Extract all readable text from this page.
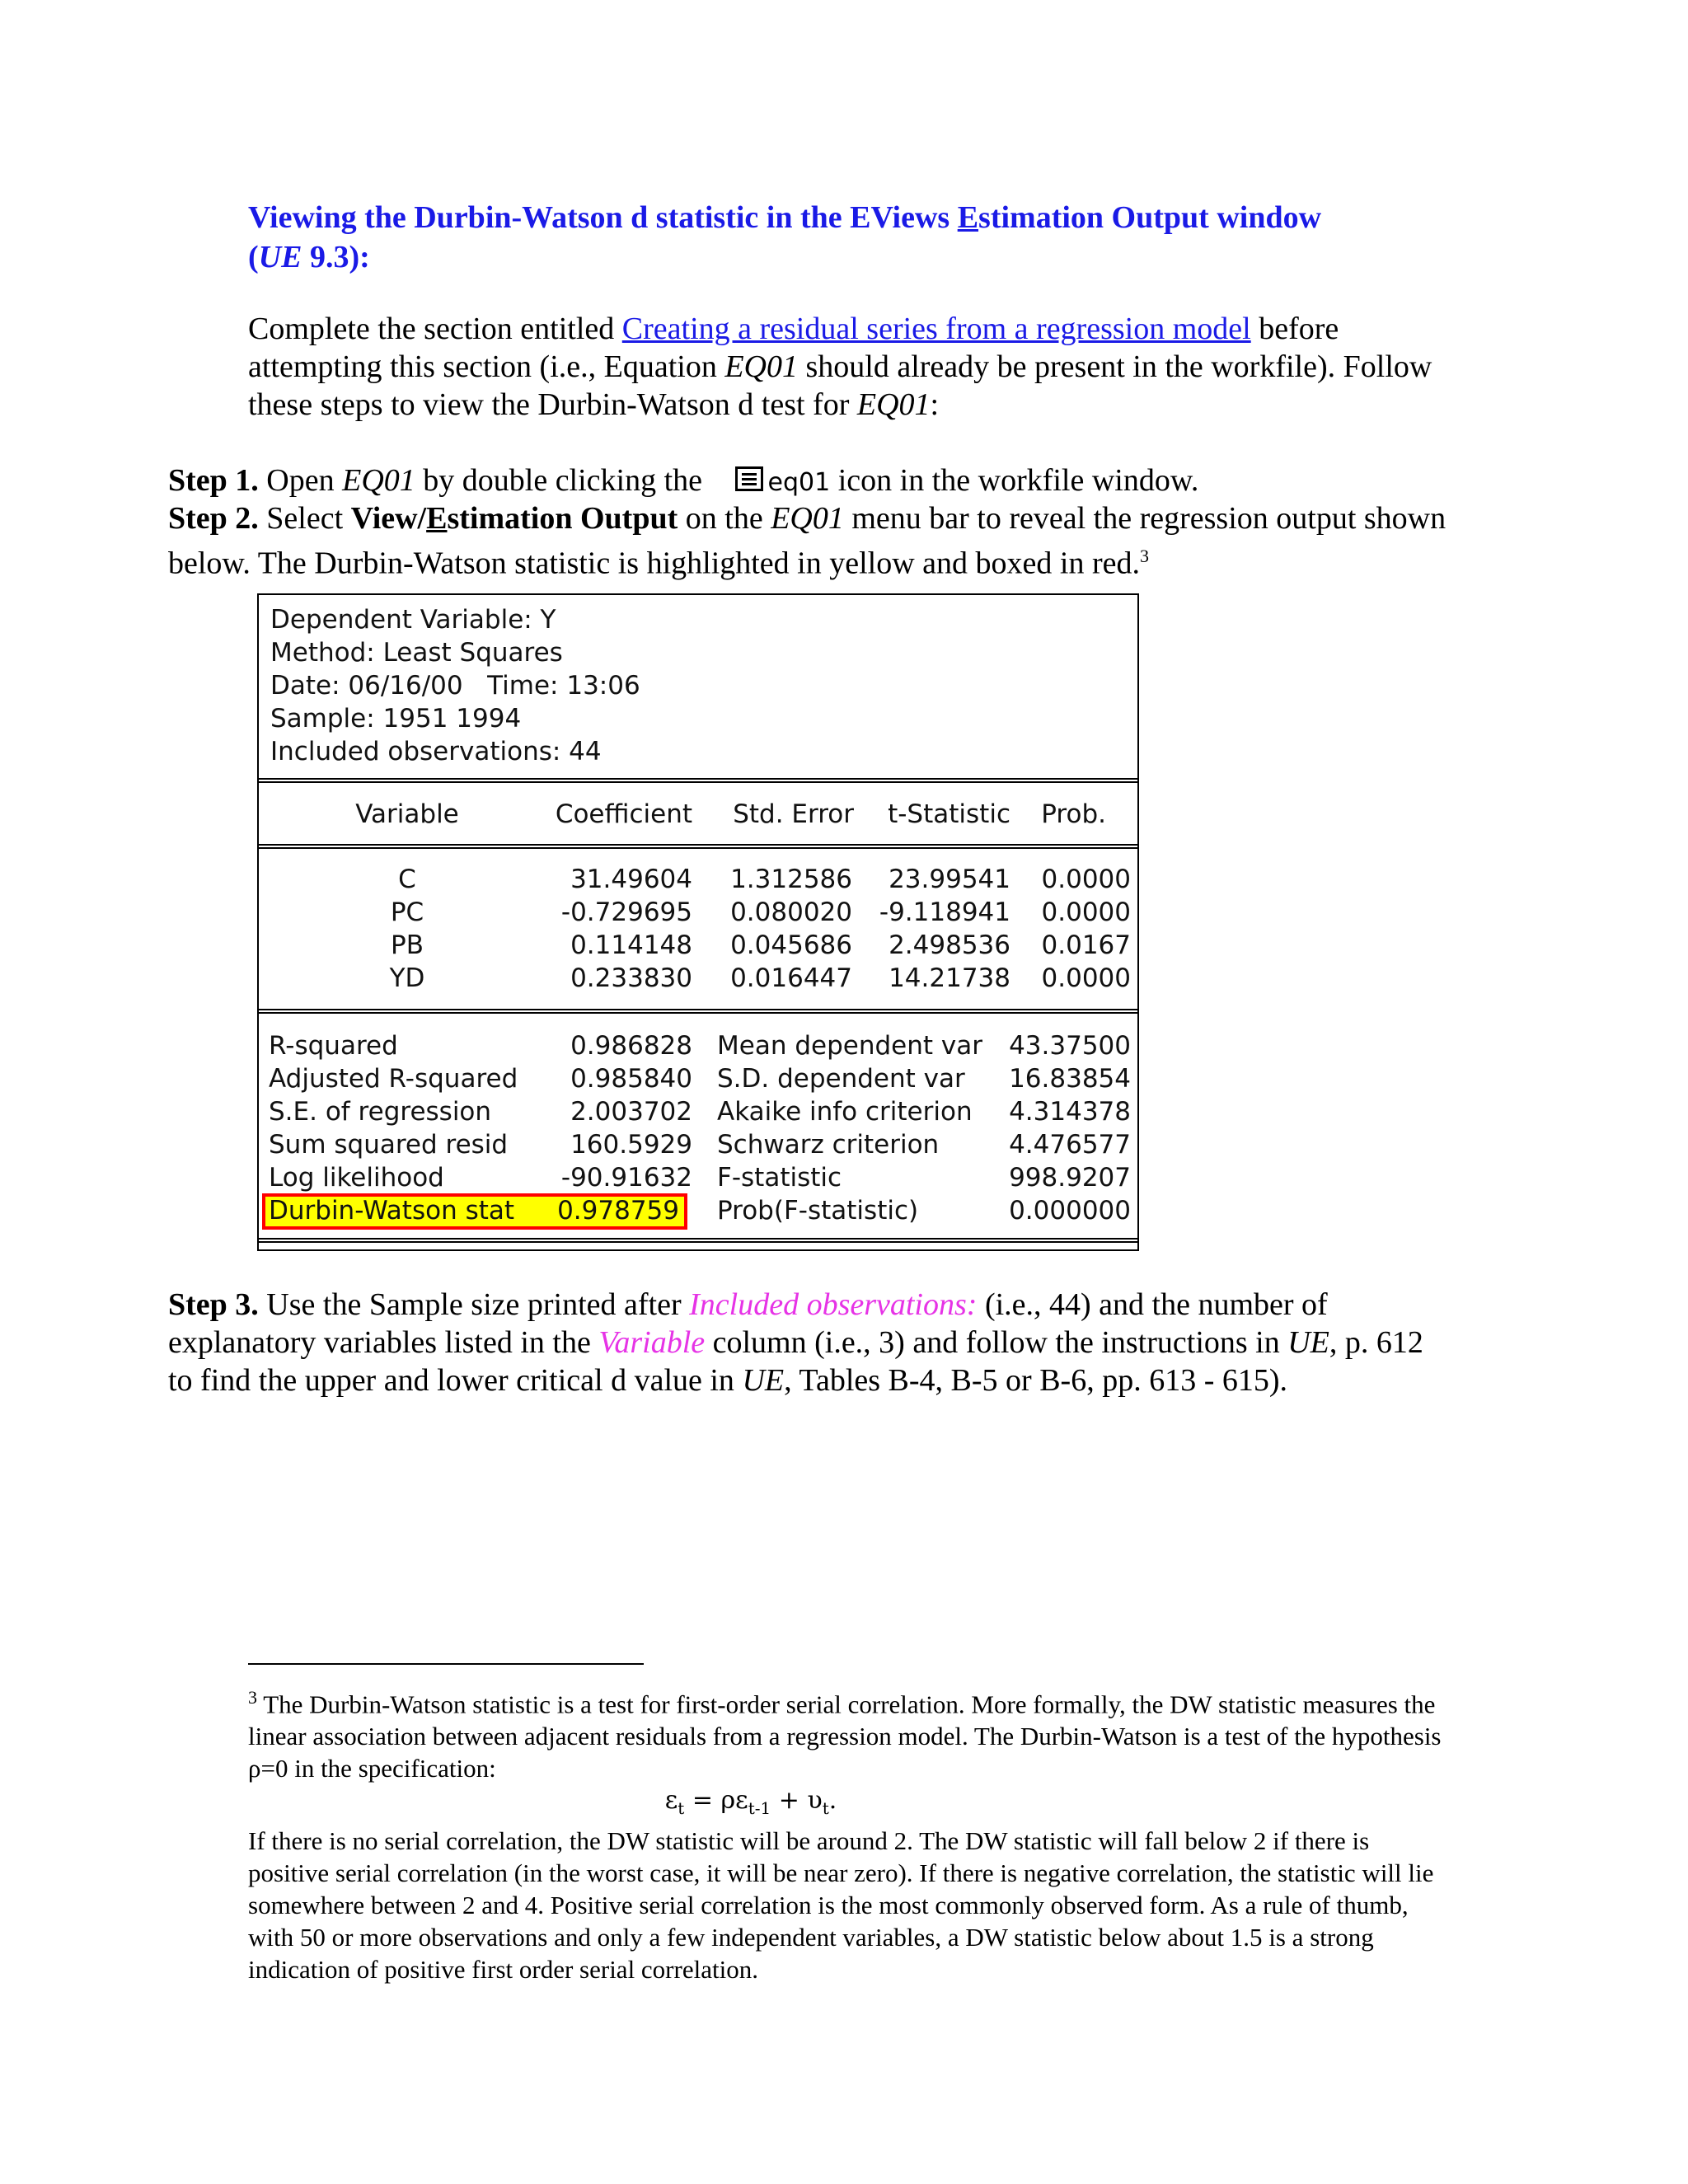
Viewing the Durbin-Watson d statistic in the EViews Estimation Output window
(UE 9.3):
Complete the section entitled Creating a residual series from a regression model before attempting this section (i.e., Equation EQ01 should already be present in the workfile). Follow these steps to view the Durbin-Watson d test for EQ01:
Step 1. Open EQ01 by double clicking the eq01 icon in the workfile window.
Step 2. Select View/Estimation Output on the EQ01 menu bar to reveal the regression output shown below. The Durbin-Watson statistic is highlighted in yellow and boxed in red.$^3$
Dependent Variable: Y
Method: Least Squares
Date: 06/16/00   Time: 13:06
Sample: 1951 1994
Included observations: 44
Variable	Coefficient	Std. Error	t-Statistic	Prob.
C	31.49604	1.312586	23.99541	0.0000
PC	-0.729695	0.080020	-9.118941	0.0000
PB	0.114148	0.045686	2.498536	0.0167
YD	0.233830	0.016447	14.21738	0.0000
R-squared	0.986828 Mean dependent var	43.37500
Adjusted R-squared	0.985840 S.D. dependent var	16.83854
S.E. of regression	2.003702 Akaike info criterion	4.314378
Sum squared resid	160.5929 Schwarz criterion	4.476577
Log likelihood	-90.91632 F-statistic	998.9207
Durbin-Watson stat	0.978759 Prob(F-statistic)	0.000000
Step 3. Use the Sample size printed after Included observations: (i.e., 44) and the number of explanatory variables listed in the Variable column (i.e., 3) and follow the instructions in UE, p. 612 to find the upper and lower critical d value in UE, Tables B-4, B-5 or B-6, pp. 613 - 615).
$^3$ The Durbin-Watson statistic is a test for first-order serial correlation. More formally, the DW statistic measures the linear association between adjacent residuals from a regression model. The Durbin-Watson is a test of the hypothesis ρ=0 in the specification:
$\varepsilon_t = \rho\varepsilon_{t-1} + \upsilon_t$.
If there is no serial correlation, the DW statistic will be around 2. The DW statistic will fall below 2 if there is positive serial correlation (in the worst case, it will be near zero). If there is negative correlation, the statistic will lie somewhere between 2 and 4. Positive serial correlation is the most commonly observed form. As a rule of thumb, with 50 or more observations and only a few independent variables, a DW statistic below about 1.5 is a strong indication of positive first order serial correlation.
